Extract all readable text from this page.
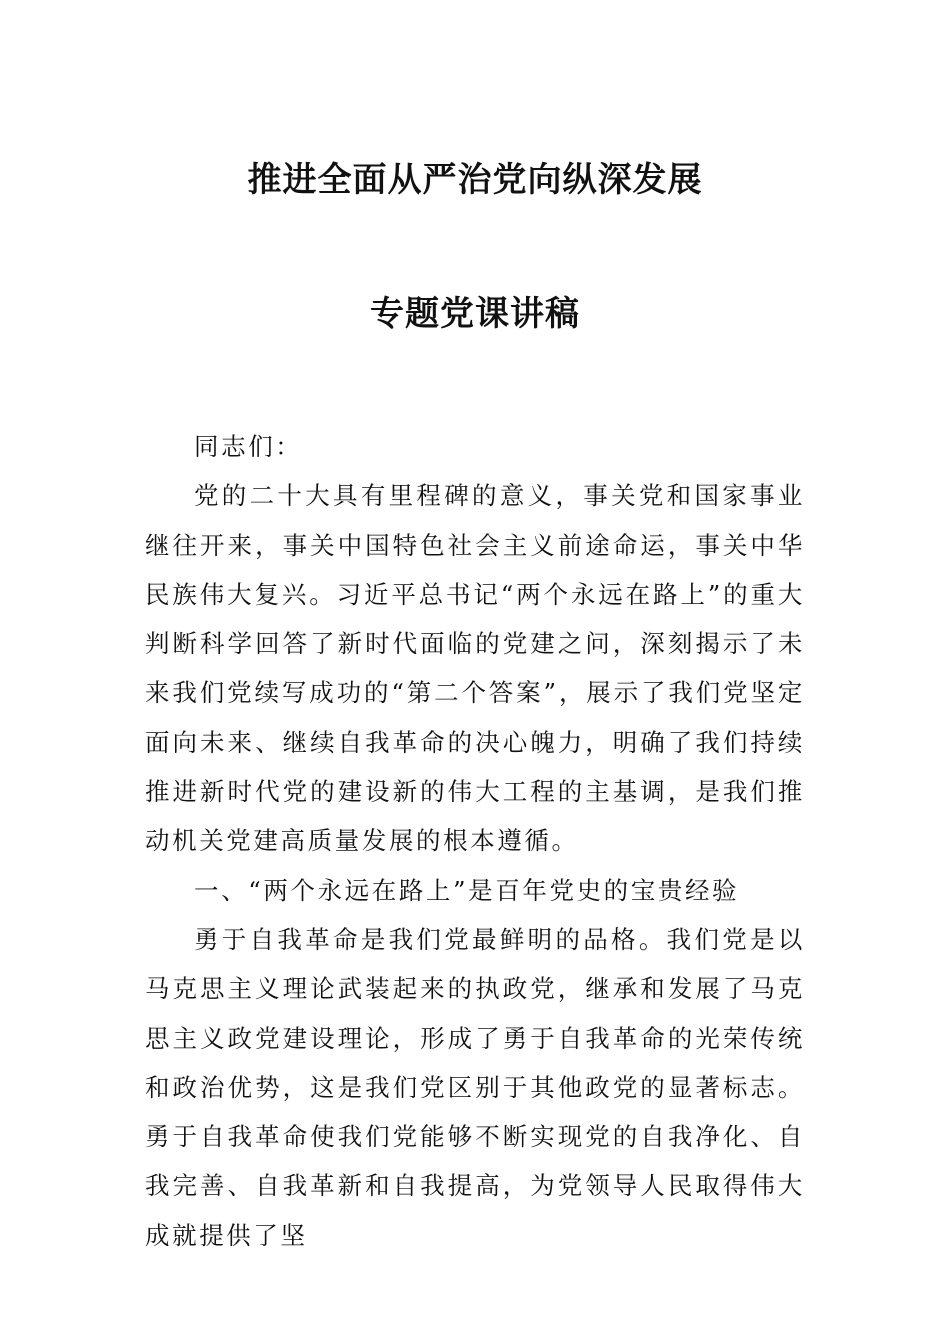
推进全面从严治党向纵深发展
专题党课讲稿

同志们：

党的二十大具有里程碑的意义，事关党和国家事业继往开来，事关中国特色社会主义前途命运，事关中华民族伟大复兴。习近平总书记“两个永远在路上”的重大判断科学回答了新时代面临的党建之问，深刻揭示了未来我们党续写成功的“第二个答案”，展示了我们党坚定面向未来、继续自我革命的决心魄力，明确了我们持续推进新时代党的建设新的伟大工程的主基调，是我们推动机关党建高质量发展的根本遵循。

一、“两个永远在路上”是百年党史的宝贵经验

勇于自我革命是我们党最鲜明的品格。我们党是以马克思主义理论武装起来的执政党，继承和发展了马克思主义政党建设理论，形成了勇于自我革命的光荣传统和政治优势，这是我们党区别于其他政党的显著标志。勇于自我革命使我们党能够不断实现党的自我净化、自我完善、自我革新和自我提高，为党领导人民取得伟大成就提供了坚
